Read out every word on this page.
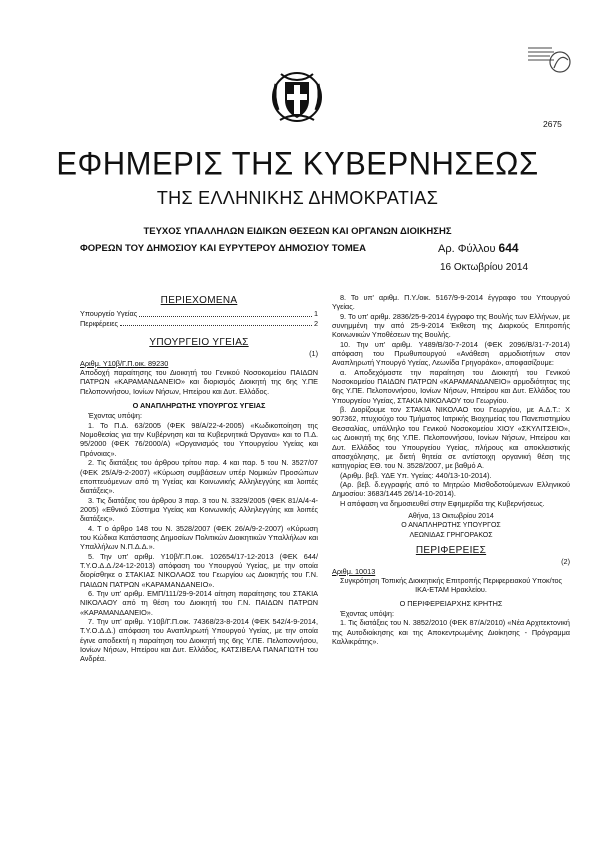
2675
ΕΦΗΜΕΡΙΣ ΤΗΣ ΚΥΒΕΡΝΗΣΕΩΣ
ΤΗΣ ΕΛΛΗΝΙΚΗΣ ΔΗΜΟΚΡΑΤΙΑΣ
ΤΕΥΧΟΣ ΥΠΑΛΛΗΛΩΝ ΕΙΔΙΚΩΝ ΘΕΣΕΩΝ ΚΑΙ ΟΡΓΑΝΩΝ ΔΙΟΙΚΗΣΗΣ
ΦΟΡΕΩΝ ΤΟΥ ΔΗΜΟΣΙΟΥ ΚΑΙ ΕΥΡΥΤΕΡΟΥ ΔΗΜΟΣΙΟΥ ΤΟΜΕΑ	Αρ. Φύλλου 644
16 Οκτωβρίου 2014

ΠΕΡΙΕΧΟΜΕΝΑ

Υπουργείο Υγείας	1
Περιφέρειες	2

ΥΠΟΥΡΓΕΙΟ ΥΓΕΙΑΣ

(1)

Αριθμ. Υ10β/Γ.Π.οικ. 89230

Αποδοχή παραίτησης του Διοικητή του Γενικού Νοσοκομείου ΠΑΙΔΩΝ ΠΑΤΡΩΝ «ΚΑΡΑΜΑΝΔΑΝΕΙΟ» και διορισμός Διοικητή της 6ης Υ.ΠΕ Πελοποννήσου, Ιονίων Νήσων, Ηπείρου και Δυτ. Ελλάδος.

Ο ΑΝΑΠΛΗΡΩΤΗΣ ΥΠΟΥΡΓΟΣ ΥΓΕΙΑΣ

Έχοντας υπόψη:

1. Το Π.Δ. 63/2005 (ΦΕΚ 98/Α/22-4-2005) «Κωδικοποίηση της Νομοθεσίας για την Κυβέρνηση και τα Κυβερνητικά Όργανα» και το Π.Δ. 95/2000 (ΦΕΚ 76/2000/Α) «Οργανισμός του Υπουργείου Υγείας και Πρόνοιας».

2. Τις διατάξεις του άρθρου τρίτου παρ. 4 και παρ. 5 του Ν. 3527/07 (ΦΕΚ 25/Α/9-2-2007) «Κύρωση συμβάσεων υπέρ Νομικών Προσώπων εποπτευόμενων από τη Υγείας και Κοινωνικής Αλληλεγγύης και λοιπές διατάξεις».

3. Τις διατάξεις του άρθρου 3 παρ. 3 του Ν. 3329/2005 (ΦΕΚ 81/Α/4-4-2005) «Εθνικό Σύστημα Υγείας και Κοινωνικής Αλληλεγγύης και λοιπές διατάξεις».

4. Τ ο άρθρο 148 του Ν. 3528/2007 (ΦΕΚ 26/Α/9-2-2007) «Κύρωση του Κώδικα Κατάστασης Δημοσίων Πολιτικών Διοικητικών Υπαλλήλων και Υπαλλήλων Ν.Π.Δ.Δ.».

5. Την υπ' αριθμ. Υ10β/Γ.Π.οικ. 102654/17-12-2013 (ΦΕΚ 644/Τ.Υ.Ο.Δ.Δ./24-12-2013) απόφαση του Υπουργού Υγείας, με την οποία διορίσθηκε ο ΣΤΑΚΙΑΣ ΝΙΚΟΛΑΟΣ του Γεωργίου ως Διοικητής του Γ.Ν. ΠΑΙΔΩΝ ΠΑΤΡΩΝ «ΚΑΡΑΜΑΝΔΑΝΕΙΟ».

6. Την υπ' αριθμ. ΕΜΠ/111/29-9-2014 αίτηση παραίτησης του ΣΤΑΚΙΑ ΝΙΚΟΛΑΟΥ από τη θέση του Διοικητή του Γ.Ν. ΠΑΙΔΩΝ ΠΑΤΡΩΝ «ΚΑΡΑΜΑΝΔΑΝΕΙΟ».

7. Την υπ' αριθμ. Υ10β/Γ.Π.οικ. 74368/23-8-2014 (ΦΕΚ 542/4-9-2014, Τ.Υ.Ο.Δ.Δ.) απόφαση του Αναπληρωτή Υπουργού Υγείας, με την οποία έγινε αποδεκτή η παραίτηση του Διοικητή της 6ης Υ.ΠΕ. Πελοποννήσου, Ιονίων Νήσων, Ηπείρου και Δυτ. Ελλάδος, ΚΑΤΣΙΒΕΛΑ ΠΑΝΑΓΙΩΤΗ του Ανδρέα.

8. Το υπ' αριθμ. Π.Υ./οικ. 5167/9-9-2014 έγγραφο του Υπουργού Υγείας.

9. Το υπ' αριθμ. 2836/25-9-2014 έγγραφο της Βουλής των Ελλήνων, με συνημμένη την από 25-9-2014 Έκθεση της Διαρκούς Επιτροπής Κοινωνικών Υποθέσεων της Βουλής.

10. Την υπ' αριθμ. Υ489/Β/30-7-2014 (ΦΕΚ 2096/Β/31-7-2014) απόφαση του Πρωθυπουργού «Ανάθεση αρμοδιοτήτων στον Αναπληρωτή Υπουργό Υγείας, Λεωνίδα Γρηγοράκο», αποφασίζουμε:

α. Αποδεχόμαστε την παραίτηση του Διοικητή του Γενικού Νοσοκομείου ΠΑΙΔΩΝ ΠΑΤΡΩΝ «ΚΑΡΑΜΑΝΔΑΝΕΙΟ» αρμοδιότητας της 6ης Υ.ΠΕ. Πελοποννήσου, Ιονίων Νήσων, Ηπείρου και Δυτ. Ελλάδος του Υπουργείου Υγείας, ΣΤΑΚΙΑ ΝΙΚΟΛΑΟΥ του Γεωργίου.

β. Διορίζουμε τον ΣΤΑΚΙΑ ΝΙΚΟΛΑΟ του Γεωργίου, με Α.Δ.Τ.: Χ 907362, πτυχιούχο του Τμήματος Ιατρικής Βιοχημείας του Πανεπιστημίου Θεσσαλίας, υπάλληλο του Γενικού Νοσοκομείου ΧΙΟΥ «ΣΚΥΛΙΤΣΕΙΟ», ως Διοικητή της 6ης Υ.ΠΕ. Πελοποννήσου, Ιονίων Νήσων, Ηπείρου και Δυτ. Ελλάδος του Υπουργείου Υγείας, πλήρους και αποκλειστικής απασχόλησης, με διετή θητεία σε αντίστοιχη οργανική θέση της κατηγορίας ΕΘ. του Ν. 3528/2007, με βαθμό Α.

(Αριθμ. βεβ. ΥΔΕ Υπ. Υγείας: 440/13-10-2014).

(Αρ. βεβ. δ.εγγραφής από το Μητρώο Μισθοδοτούμενων Ελληνικού Δημοσίου: 3683/1445 26/14-10-2014).

Η απόφαση να δημοσιευθεί στην Εφημερίδα της Κυβερνήσεως.

Αθήνα, 13 Οκτωβρίου 2014

Ο ΑΝΑΠΛΗΡΩΤΗΣ ΥΠΟΥΡΓΟΣ

ΛΕΩΝΙΔΑΣ ΓΡΗΓΟΡΑΚΟΣ

ΠΕΡΙΦΕΡΕΙΕΣ

(2)

Αριθμ. 10013

Συγκρότηση Τοπικής Διοικητικής Επιτροπής Περιφερειακού Υποκ/τος ΙΚΑ-ΕΤΑΜ Ηρακλείου.

Ο ΠΕΡΙΦΕΡΕΙΑΡΧΗΣ ΚΡΗΤΗΣ

Έχοντας υπόψη:

1. Τις διατάξεις του Ν. 3852/2010 (ΦΕΚ 87/Α/2010) «Νέα Αρχιτεκτονική της Αυτοδιοίκησης και της Αποκεντρωμένης Διοίκησης - Πρόγραμμα Καλλικράτης».
